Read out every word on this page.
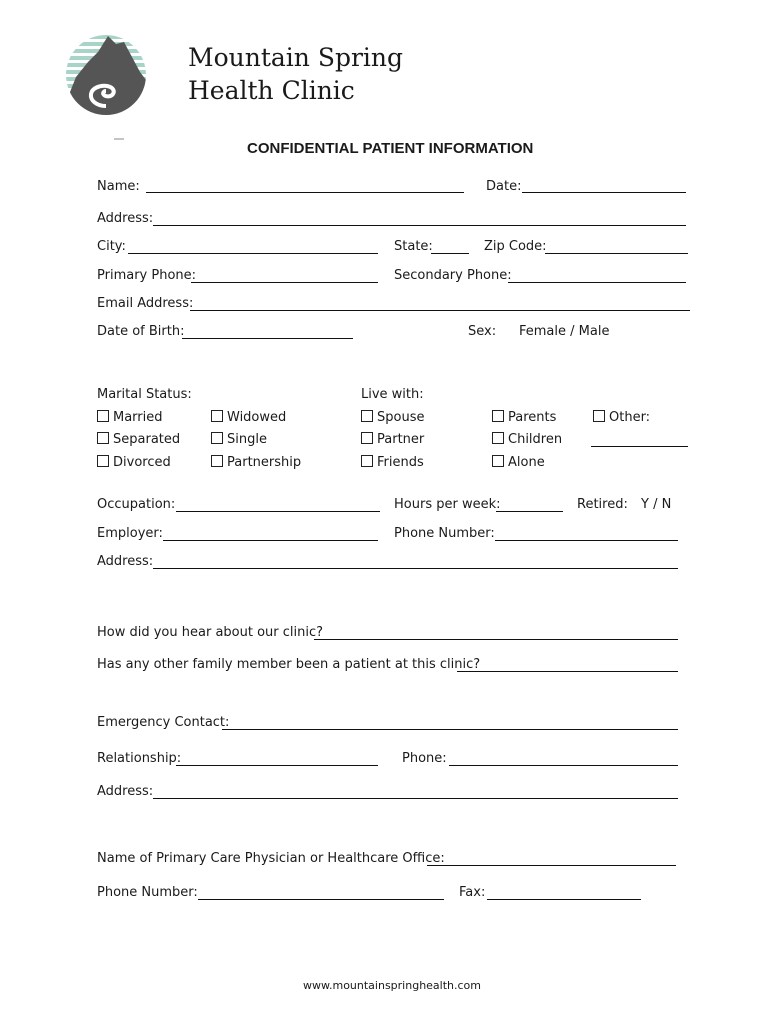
Mountain Spring
Health Clinic
CONFIDENTIAL PATIENT INFORMATION
Name:	Date:
Address:
City:	State:	Zip Code:
Primary Phone:	Secondary Phone:
Email Address:
Date of Birth:	Sex: Female / Male
Marital Status:
Married	Widowed
Separated	Single
Divorced	Partnership
Live with:
Spouse	Parents	Other:
Partner	Children
Friends	Alone
Occupation:	Hours per week:	Retired: Y / N
Employer:	Phone Number:
Address:
How did you hear about our clinic?
Has any other family member been a patient at this clinic?
Emergency Contact:
Relationship:	Phone:
Address:
Name of Primary Care Physician or Healthcare Office:
Phone Number:	Fax:
www.mountainspringhealth.com
